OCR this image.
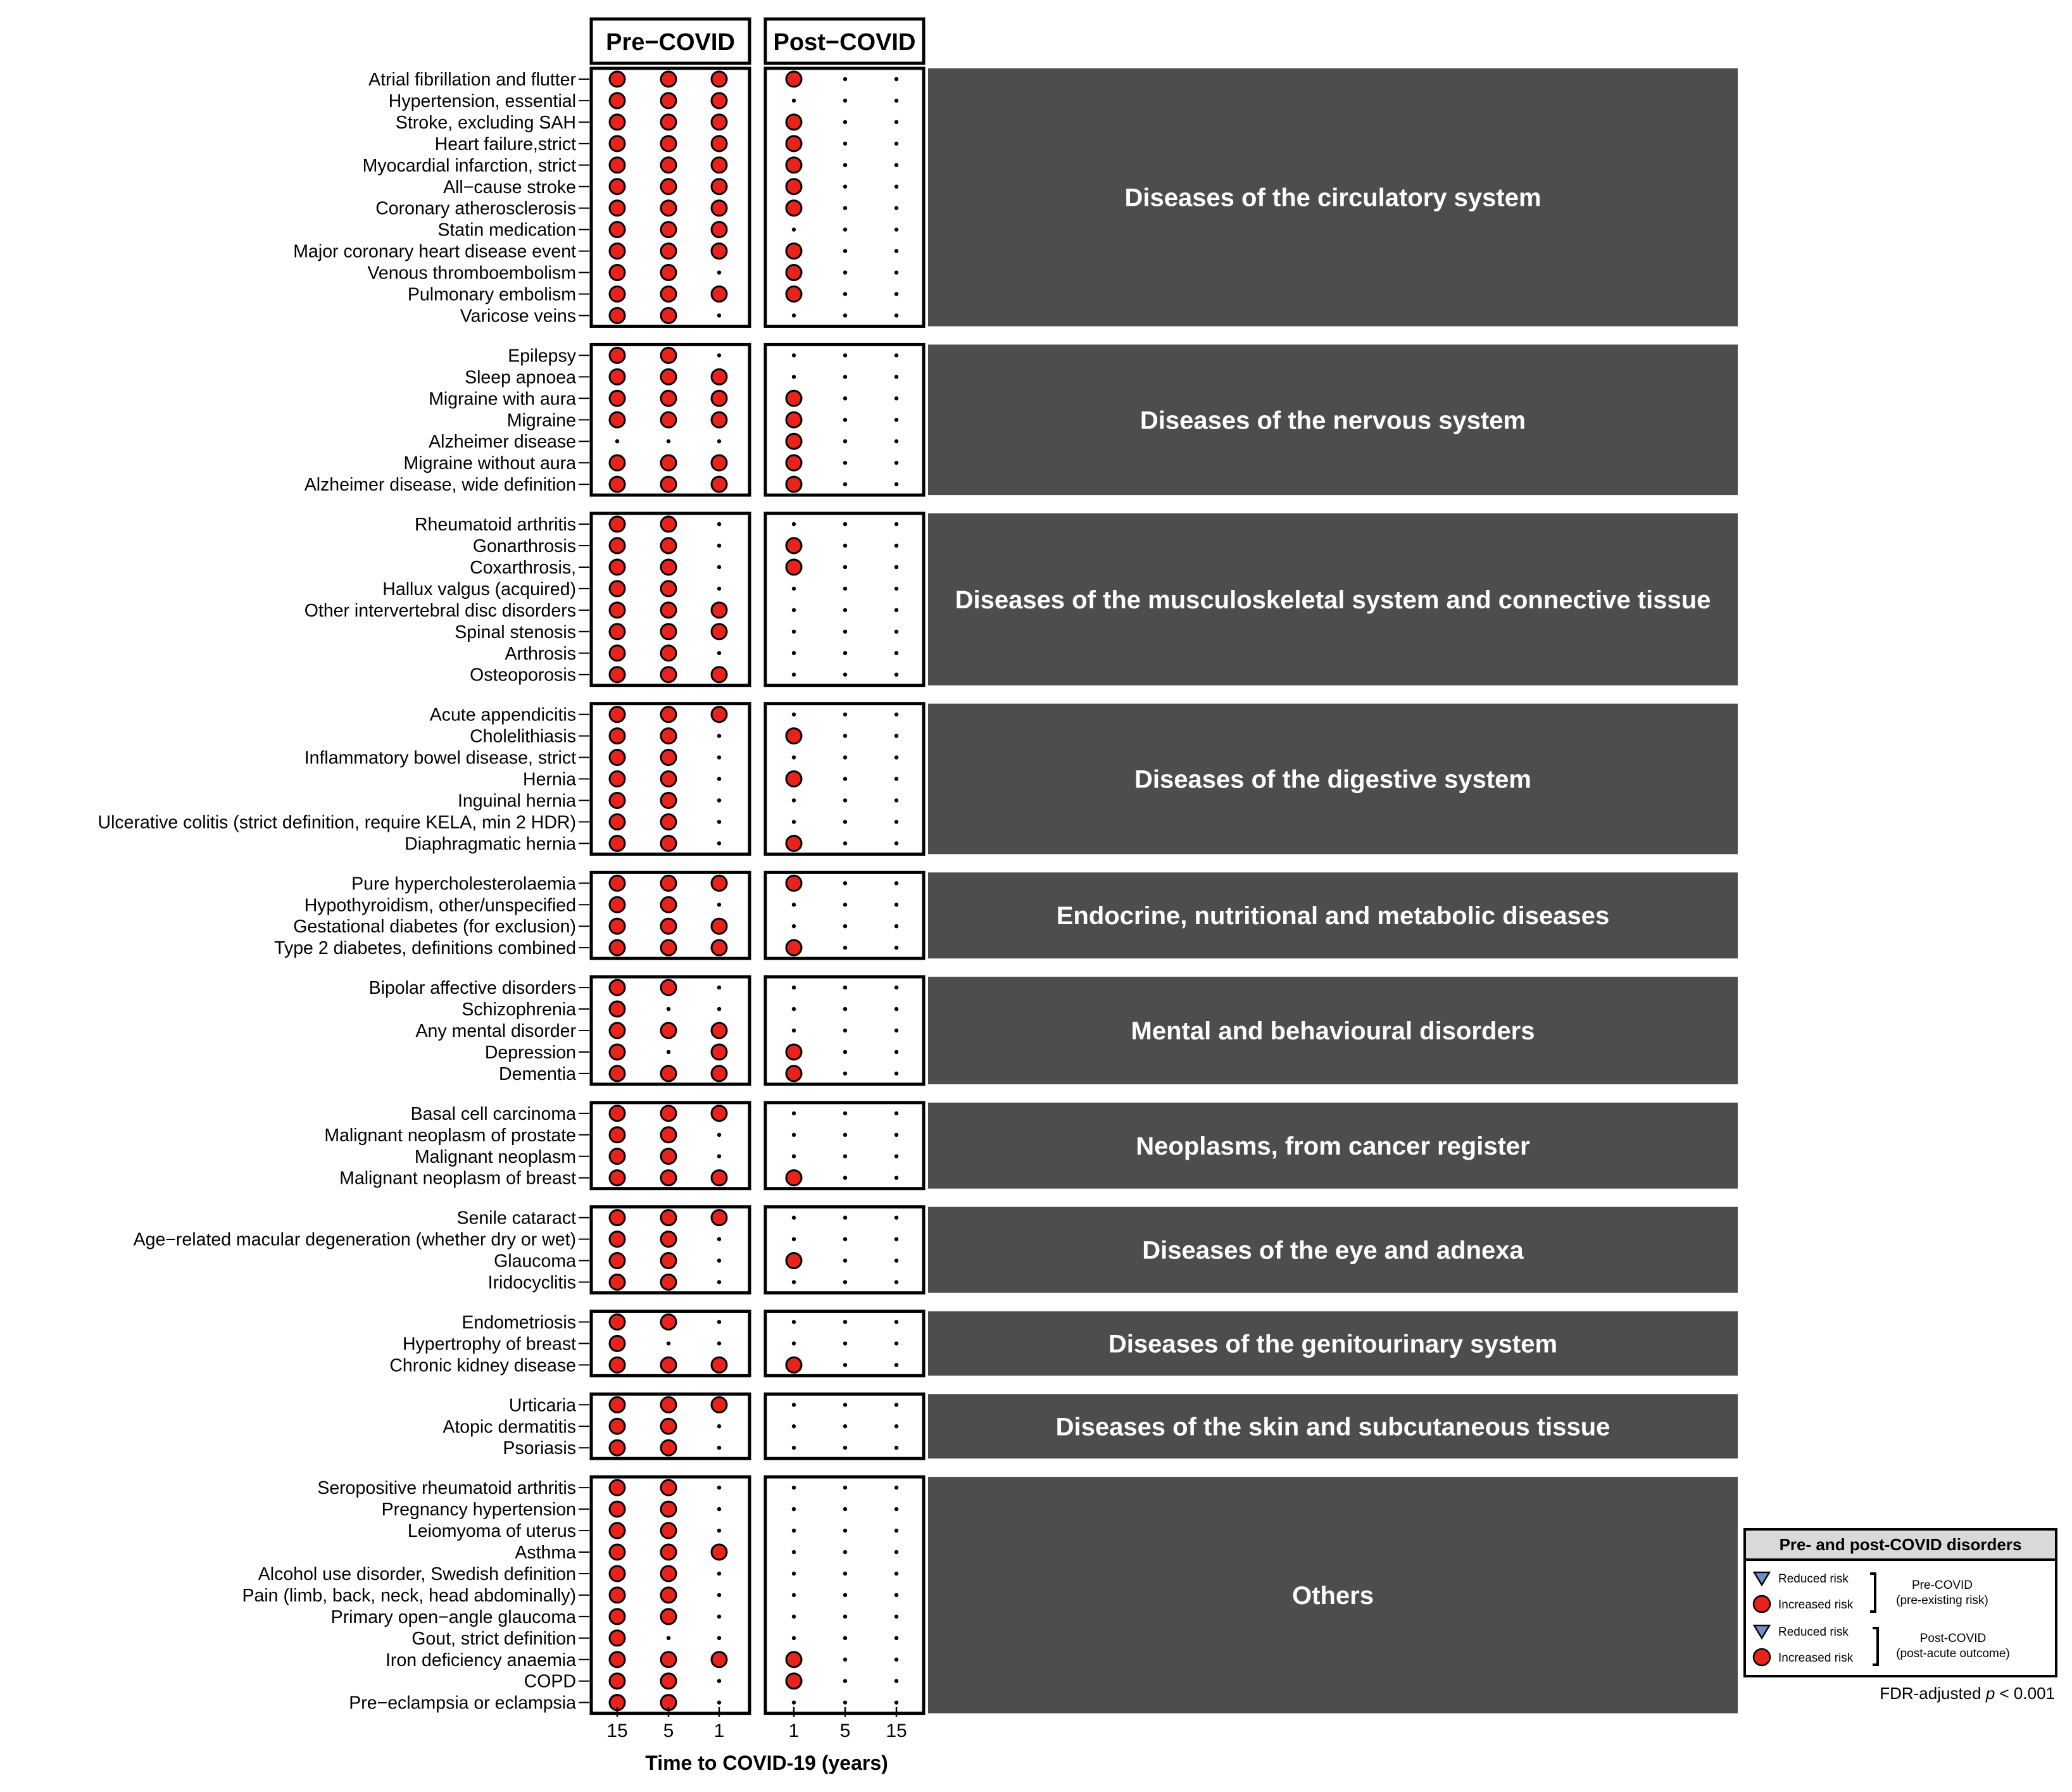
Pre−COVID Post−COVID
Diseases of the circulatory system
Atrial fibrillation and flutter
Hypertension, essential
Stroke, excluding SAH
Heart failure,strict
Myocardial infarction, strict
All−cause stroke
Coronary atherosclerosis
Statin medication
Major coronary heart disease event
Venous thromboembolism
Pulmonary embolism
Varicose veins
Diseases of the nervous system
Epilepsy
Sleep apnoea
Migraine with aura
Migraine
Alzheimer disease
Migraine without aura
Alzheimer disease, wide definition
Diseases of the musculoskeletal system and connective tissue
Rheumatoid arthritis
Gonarthrosis
Coxarthrosis,
Hallux valgus (acquired)
Other intervertebral disc disorders
Spinal stenosis
Arthrosis
Osteoporosis
Diseases of the digestive system
Acute appendicitis
Cholelithiasis
Inflammatory bowel disease, strict
Hernia
Inguinal hernia
Ulcerative colitis (strict definition, require KELA, min 2 HDR)
Diaphragmatic hernia
Endocrine, nutritional and metabolic diseases
Pure hypercholesterolaemia
Hypothyroidism, other/unspecified
Gestational diabetes (for exclusion)
Type 2 diabetes, definitions combined
Mental and behavioural disorders
Bipolar affective disorders
Schizophrenia
Any mental disorder
Depression
Dementia
Neoplasms, from cancer register
Basal cell carcinoma
Malignant neoplasm of prostate
Malignant neoplasm
Malignant neoplasm of breast
Diseases of the eye and adnexa
Senile cataract
Age−related macular degeneration (whether dry or wet)
Glaucoma
Iridocyclitis
Diseases of the genitourinary system
Endometriosis
Hypertrophy of breast
Chronic kidney disease
Diseases of the skin and subcutaneous tissue
Urticaria
Atopic dermatitis
Psoriasis
Others
Seropositive rheumatoid arthritis
Pregnancy hypertension
Leiomyoma of uterus
Asthma
Alcohol use disorder, Swedish definition
Pain (limb, back, neck, head abdominally)
Primary open−angle glaucoma
Gout, strict definition
Iron deficiency anaemia
COPD
Pre−eclampsia or eclampsia
15 5 1	1 5 15
Time to COVID-19 (years)
Pre- and post-COVID disorders
Reduced risk
Increased risk
Pre-COVID
(pre-existing risk)
Reduced risk
Increased risk
Post-COVID
(post-acute outcome)
FDR-adjusted p < 0.001
